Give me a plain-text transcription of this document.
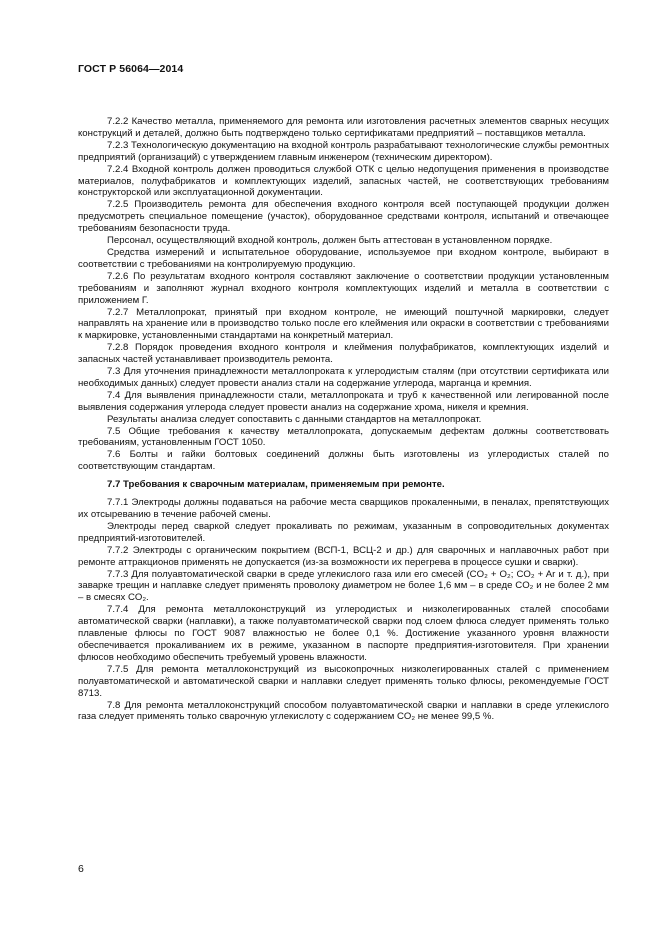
ГОСТ Р 56064—2014

7.2.2 Качество металла, применяемого для ремонта или изготовления расчетных элементов сварных несущих конструкций и деталей, должно быть подтверждено только сертификатами предприятий – поставщиков металла.

7.2.3 Технологическую документацию на входной контроль разрабатывают технологические службы ремонтных предприятий (организаций) с утверждением главным инженером (техническим директором).

7.2.4 Входной контроль должен проводиться службой ОТК с целью недопущения применения в производстве материалов, полуфабрикатов и комплектующих изделий, запасных частей, не соответствующих требованиям конструкторской или эксплуатационной документации.

7.2.5 Производитель ремонта для обеспечения входного контроля всей поступающей продукции должен предусмотреть специальное помещение (участок), оборудованное средствами контроля, испытаний и отвечающее требованиям безопасности труда.

Персонал, осуществляющий входной контроль, должен быть аттестован в установленном порядке.

Средства измерений и испытательное оборудование, используемое при входном контроле, выбирают в соответствии с требованиями на контролируемую продукцию.

7.2.6 По результатам входного контроля составляют заключение о соответствии продукции установленным требованиям и заполняют журнал входного контроля комплектующих изделий и металла в соответствии с приложением Г.

7.2.7 Металлопрокат, принятый при входном контроле, не имеющий поштучной маркировки, следует направлять на хранение или в производство только после его клеймения или окраски в соответствии с требованиями к маркировке, установленными стандартами на конкретный материал.

7.2.8 Порядок проведения входного контроля и клеймения полуфабрикатов, комплектующих изделий и запасных частей устанавливает производитель ремонта.

7.3 Для уточнения принадлежности металлопроката к углеродистым сталям (при отсутствии сертификата или необходимых данных) следует провести анализ стали на содержание углерода, марганца и кремния.

7.4 Для выявления принадлежности стали, металлопроката и труб к качественной или легированной после выявления содержания углерода следует провести анализ на содержание хрома, никеля и кремния.

Результаты анализа следует сопоставить с данными стандартов на металлопрокат.

7.5 Общие требования к качеству металлопроката, допускаемым дефектам должны соответствовать требованиям, установленным ГОСТ 1050.

7.6 Болты и гайки болтовых соединений должны быть изготовлены из углеродистых сталей по соответствующим стандартам.

7.7 Требования к сварочным материалам, применяемым при ремонте.

7.7.1 Электроды должны подаваться на рабочие места сварщиков прокаленными, в пеналах, препятствующих их отсыреванию в течение рабочей смены.

Электроды перед сваркой следует прокаливать по режимам, указанным в сопроводительных документах предприятий-изготовителей.

7.7.2 Электроды с органическим покрытием (ВСП-1, ВСЦ-2 и др.) для сварочных и наплавочных работ при ремонте аттракционов применять не допускается (из-за возможности их перегрева в процессе сушки и сварки).

7.7.3 Для полуавтоматической сварки в среде углекислого газа или его смесей (CO₂ + O₂; CO₂ + Ar и т. д.), при заварке трещин и наплавке следует применять проволоку диаметром не более 1,6 мм – в среде CO₂ и не более 2 мм – в смесях CO₂.

7.7.4 Для ремонта металлоконструкций из углеродистых и низколегированных сталей способами автоматической сварки (наплавки), а также полуавтоматической сварки под слоем флюса следует применять только плавленые флюсы по ГОСТ 9087 влажностью не более 0,1 %. Достижение указанного уровня влажности обеспечивается прокаливанием их в режиме, указанном в паспорте предприятия-изготовителя. При хранении флюсов необходимо обеспечить требуемый уровень влажности.

7.7.5 Для ремонта металлоконструкций из высокопрочных низколегированных сталей с применением полуавтоматической и автоматической сварки и наплавки следует применять только флюсы, рекомендуемые ГОСТ 8713.

7.8 Для ремонта металлоконструкций способом полуавтоматической сварки и наплавки в среде углекислого газа следует применять только сварочную углекислоту с содержанием CO₂ не менее 99,5 %.

6
